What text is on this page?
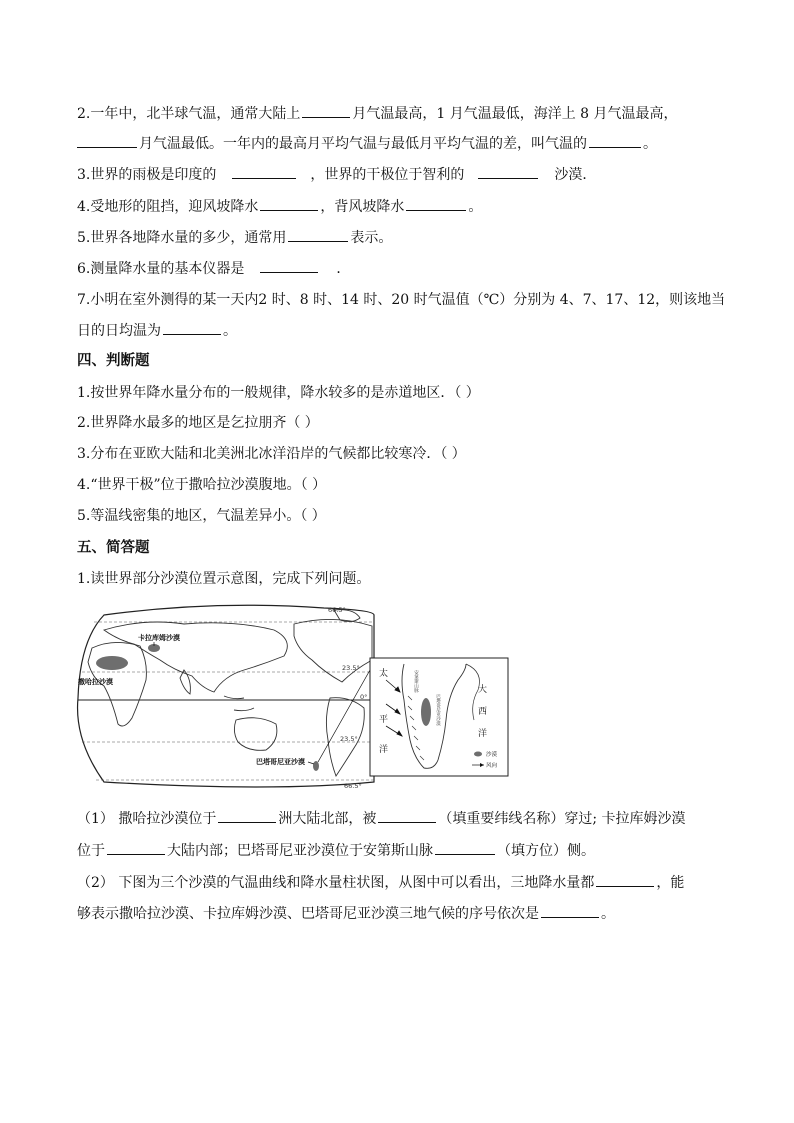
2.一年中，北半球气温，通常大陆上	月气温最高，1 月气温最低，海洋上 8 月气温最高，
月气温最低。一年内的最高月平均气温与最低月平均气温的差，叫气温的	。
3.世界的雨极是印度的	，世界的干极位于智利的	沙漠．
4.受地形的阻挡，迎风坡降水	，背风坡降水	。
5.世界各地降水量的多少，通常用	表示。
6.测量降水量的基本仪器是	．
7.小明在室外测得的某一天内2 时、8 时、14 时、20 时气温值（℃）分别为 4、7、17、12，则该地当
日的日均温为	。
四、判断题
1.按世界年降水量分布的一般规律，降水较多的是赤道地区．（ ）
2.世界降水最多的地区是乞拉朋齐（ ）
3.分布在亚欧大陆和北美洲北冰洋沿岸的气候都比较寒冷．（ ）
4.“世界干极”位于撒哈拉沙漠腹地。（ ）
5.等温线密集的地区，气温差异小。（ ）
五、简答题
1.读世界部分沙漠位置示意图，完成下列问题。
66.5°
23.5°
0°
23.5°
66.5°
卡拉库姆沙漠
撒哈拉沙漠
巴塔哥尼亚沙漠
太
平
洋
大
西
洋
安第斯山脉
巴塔哥尼亚沙漠
沙漠
风向
（1） 撒哈拉沙漠位于	洲大陆北部，被	（填重要纬线名称）穿过; 卡拉库姆沙漠
位于	大陆内部；巴塔哥尼亚沙漠位于安第斯山脉	（填方位）侧。
（2） 下图为三个沙漠的气温曲线和降水量柱状图，从图中可以看出，三地降水量都	，能
够表示撒哈拉沙漠、卡拉库姆沙漠、巴塔哥尼亚沙漠三地气候的序号依次是	。
